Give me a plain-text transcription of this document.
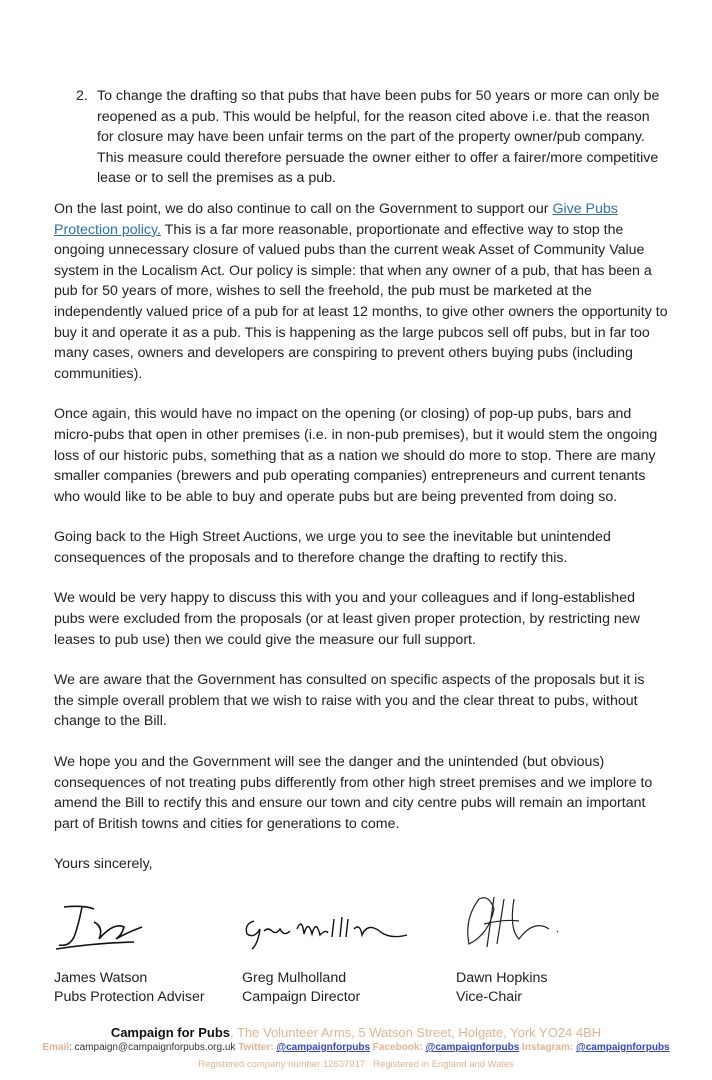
2. To change the drafting so that pubs that have been pubs for 50 years or more can only be reopened as a pub. This would be helpful, for the reason cited above i.e. that the reason for closure may have been unfair terms on the part of the property owner/pub company. This measure could therefore persuade the owner either to offer a fairer/more competitive lease or to sell the premises as a pub.

On the last point, we do also continue to call on the Government to support our Give Pubs Protection policy. This is a far more reasonable, proportionate and effective way to stop the ongoing unnecessary closure of valued pubs than the current weak Asset of Community Value system in the Localism Act. Our policy is simple: that when any owner of a pub, that has been a pub for 50 years of more, wishes to sell the freehold, the pub must be marketed at the independently valued price of a pub for at least 12 months, to give other owners the opportunity to buy it and operate it as a pub. This is happening as the large pubcos sell off pubs, but in far too many cases, owners and developers are conspiring to prevent others buying pubs (including communities).

Once again, this would have no impact on the opening (or closing) of pop-up pubs, bars and micro-pubs that open in other premises (i.e. in non-pub premises), but it would stem the ongoing loss of our historic pubs, something that as a nation we should do more to stop. There are many smaller companies (brewers and pub operating companies) entrepreneurs and current tenants who would like to be able to buy and operate pubs but are being prevented from doing so.

Going back to the High Street Auctions, we urge you to see the inevitable but unintended consequences of the proposals and to therefore change the drafting to rectify this.

We would be very happy to discuss this with you and your colleagues and if long-established pubs were excluded from the proposals (or at least given proper protection, by restricting new leases to pub use) then we could give the measure our full support.

We are aware that the Government has consulted on specific aspects of the proposals but it is the simple overall problem that we wish to raise with you and the clear threat to pubs, without change to the Bill.

We hope you and the Government will see the danger and the unintended (but obvious) consequences of not treating pubs differently from other high street premises and we implore to amend the Bill to rectify this and ensure our town and city centre pubs will remain an important part of British towns and cities for generations to come.

Yours sincerely,

James Watson
Pubs Protection Adviser
Greg Mulholland
Campaign Director
Dawn Hopkins
Vice-Chair
Campaign for Pubs, The Volunteer Arms, 5 Watson Street, Holgate, York YO24 4BH
Email: campaign@campaignforpubs.org.uk Twitter: @campaignforpubs Facebook: @campaignforpubs Instagram: @campaignforpubs
Registered company number 12637917 Registered in England and Wales
